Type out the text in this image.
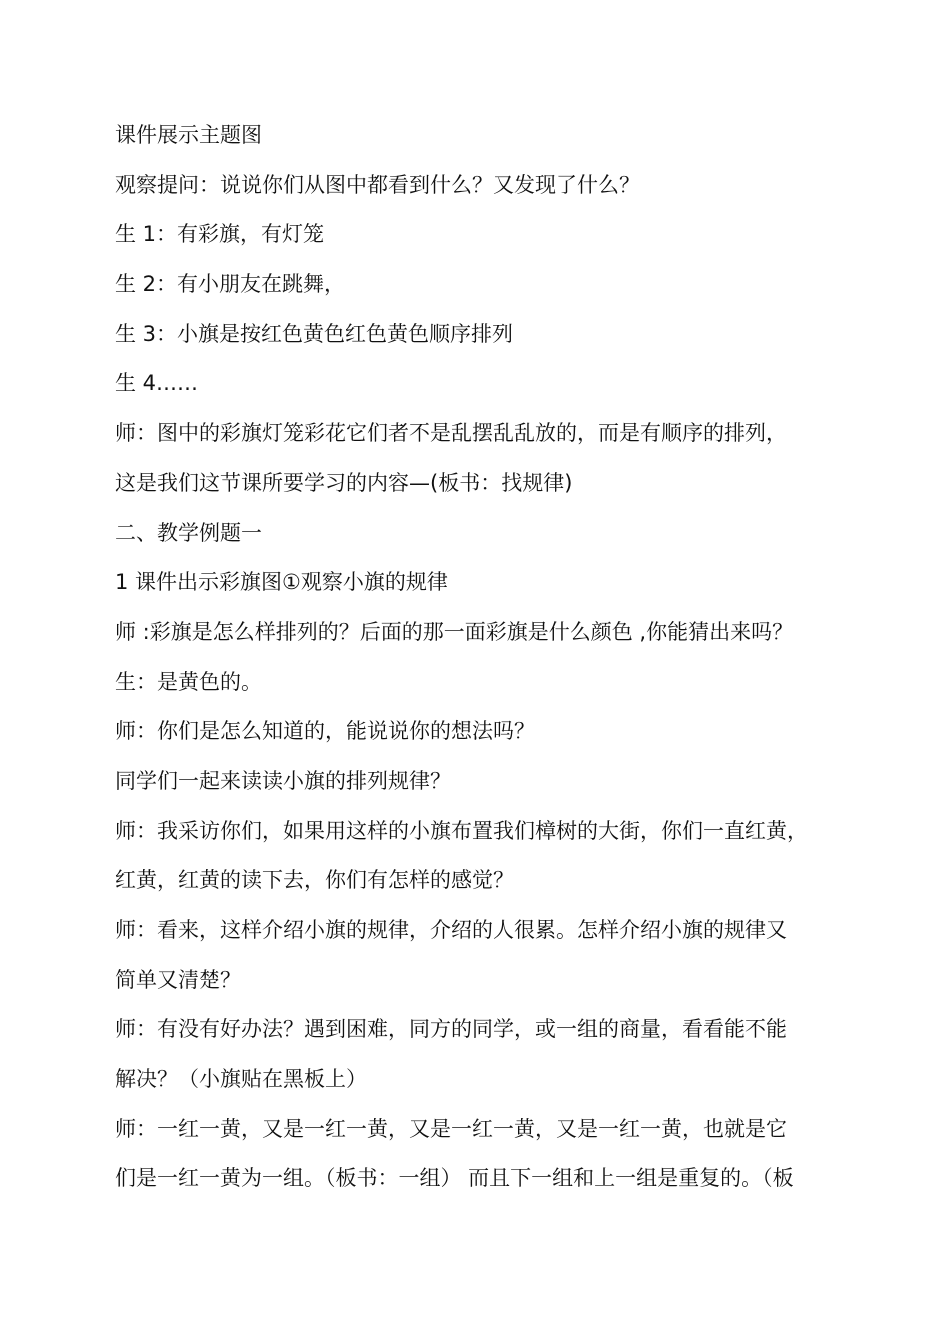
课件展示主题图
观察提问：说说你们从图中都看到什么？又发现了什么？
生 1：有彩旗，有灯笼
生 2：有小朋友在跳舞，
生 3：小旗是按红色黄色红色黄色顺序排列
生 4……
师：图中的彩旗灯笼彩花它们者不是乱摆乱乱放的，而是有顺序的排列，
这是我们这节课所要学习的内容—(板书：找规律)
二、教学例题一
1 课件出示彩旗图①观察小旗的规律
师 :彩旗是怎么样排列的？后面的那一面彩旗是什么颜色 ,你能猜出来吗？
生：是黄色的。
师：你们是怎么知道的，能说说你的想法吗？
同学们一起来读读小旗的排列规律？
师：我采访你们，如果用这样的小旗布置我们樟树的大街，你们一直红黄，
红黄，红黄的读下去，你们有怎样的感觉？
师：看来，这样介绍小旗的规律，介绍的人很累。怎样介绍小旗的规律又
简单又清楚？
师：有没有好办法？遇到困难，同方的同学，或一组的商量，看看能不能
解决？（小旗贴在黑板上）
师：一红一黄，又是一红一黄，又是一红一黄，又是一红一黄，也就是它
们是一红一黄为一组。（板书：一组） 而且下一组和上一组是重复的。（板
